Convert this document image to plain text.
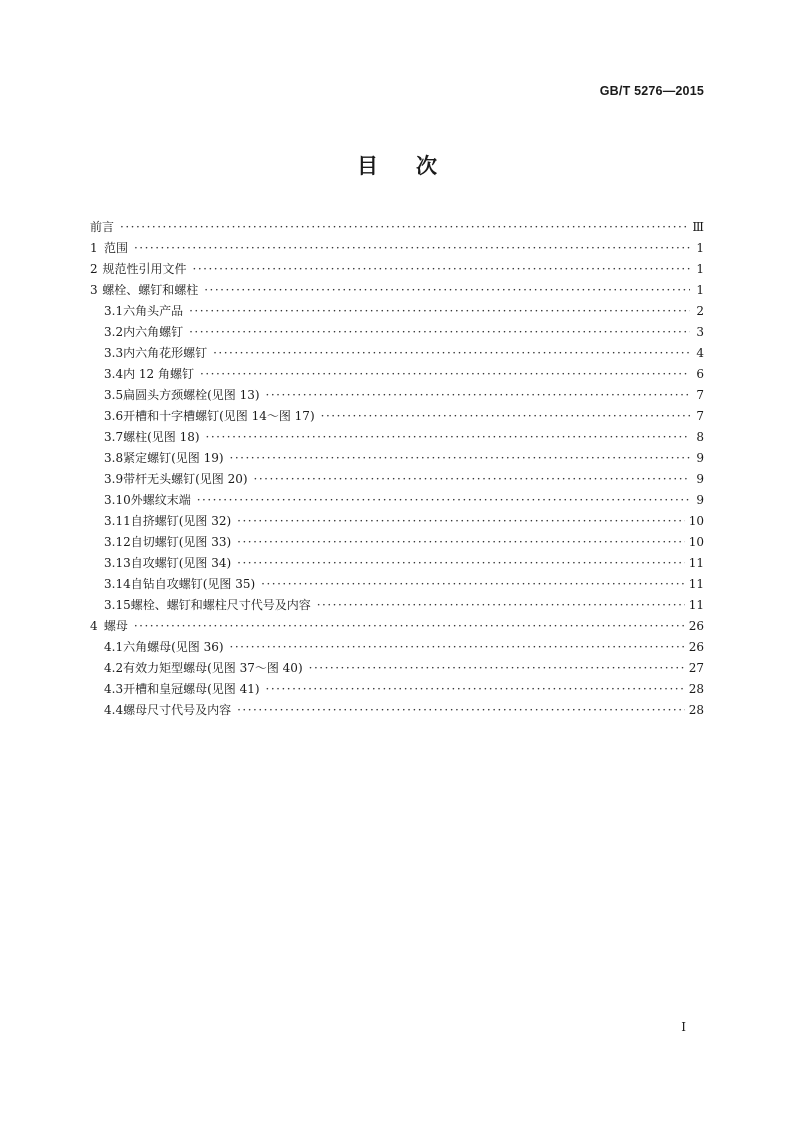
GB/T 5276—2015
目次
前言 ·····	Ⅲ
1 范围 ·····	1
2 规范性引用文件 ·····	1
3 螺栓、螺钉和螺柱 ·····	1
3.1 六角头产品 ·····	2
3.2 内六角螺钉 ·····	3
3.3 内六角花形螺钉 ·····	4
3.4 内 12 角螺钉 ·····	6
3.5 扁圆头方颈螺栓(见图 13) ·····	7
3.6 开槽和十字槽螺钉(见图 14～图 17) ·····	7
3.7 螺柱(见图 18) ·····	8
3.8 紧定螺钉(见图 19) ·····	9
3.9 带杆无头螺钉(见图 20) ·····	9
3.10 外螺纹末端 ·····	9
3.11 自挤螺钉(见图 32) ·····	10
3.12 自切螺钉(见图 33) ·····	10
3.13 自攻螺钉(见图 34) ·····	11
3.14 自钻自攻螺钉(见图 35) ·····	11
3.15 螺栓、螺钉和螺柱尺寸代号及内容 ·····	11
4 螺母 ·····	26
4.1 六角螺母(见图 36) ·····	26
4.2 有效力矩型螺母(见图 37～图 40) ·····	27
4.3 开槽和皇冠螺母(见图 41) ·····	28
4.4 螺母尺寸代号及内容 ·····	28
I
